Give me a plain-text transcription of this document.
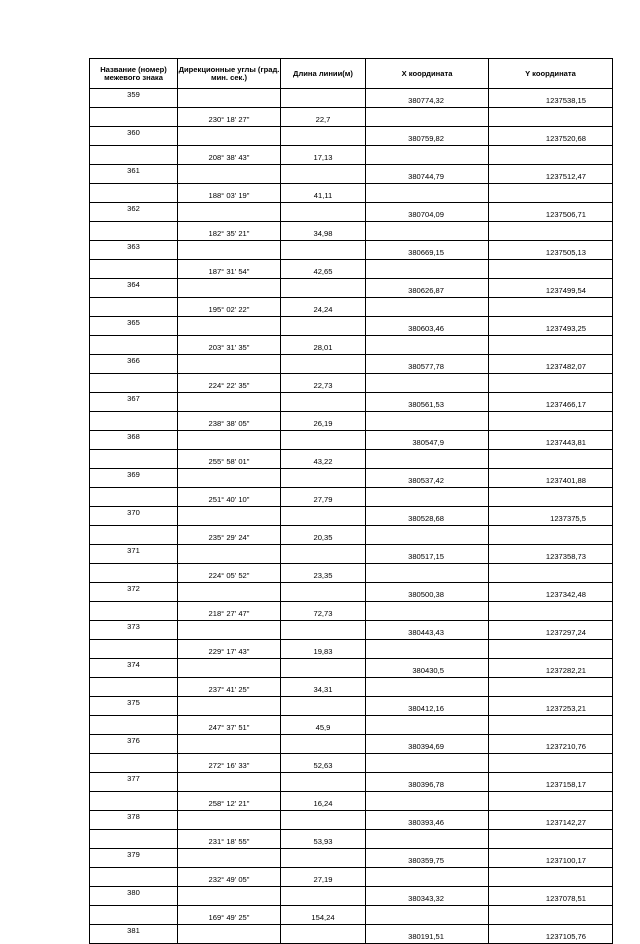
Название (номер) межевого знака	Дирекционные углы (град. мин. сек.)	Длина линии(м)	X координата	Y координата
359			380774,32	1237538,15
	230° 18' 27"	22,7		
360			380759,82	1237520,68
	208° 38' 43"	17,13		
361			380744,79	1237512,47
	188° 03' 19"	41,11		
362			380704,09	1237506,71
	182° 35' 21"	34,98		
363			380669,15	1237505,13
	187° 31' 54"	42,65		
364			380626,87	1237499,54
	195° 02' 22"	24,24		
365			380603,46	1237493,25
	203° 31' 35"	28,01		
366			380577,78	1237482,07
	224° 22' 35"	22,73		
367			380561,53	1237466,17
	238° 38' 05"	26,19		
368			380547,9	1237443,81
	255° 58' 01"	43,22		
369			380537,42	1237401,88
	251° 40' 10"	27,79		
370			380528,68	1237375,5
	235° 29' 24"	20,35		
371			380517,15	1237358,73
	224° 05' 52"	23,35		
372			380500,38	1237342,48
	218° 27' 47"	72,73		
373			380443,43	1237297,24
	229° 17' 43"	19,83		
374			380430,5	1237282,21
	237° 41' 25"	34,31		
375			380412,16	1237253,21
	247° 37' 51"	45,9		
376			380394,69	1237210,76
	272° 16' 33"	52,63		
377			380396,78	1237158,17
	258° 12' 21"	16,24		
378			380393,46	1237142,27
	231° 18' 55"	53,93		
379			380359,75	1237100,17
	232° 49' 05"	27,19		
380			380343,32	1237078,51
	169° 49' 25"	154,24		
381			380191,51	1237105,76
